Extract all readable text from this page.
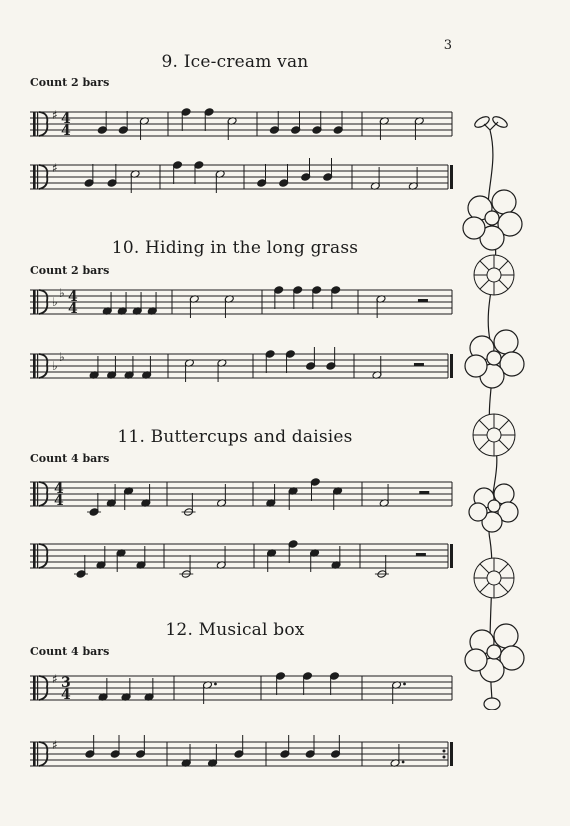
3
9. Ice-cream van
Count 2 bars
10. Hiding in the long grass
Count 2 bars
11. Buttercups and daisies
Count 4 bars
12. Musical box
Count 4 bars
♯ 4
4
♯
♭
♭ 4
4
♭
♭
4
4
♯ 3
4
♯
